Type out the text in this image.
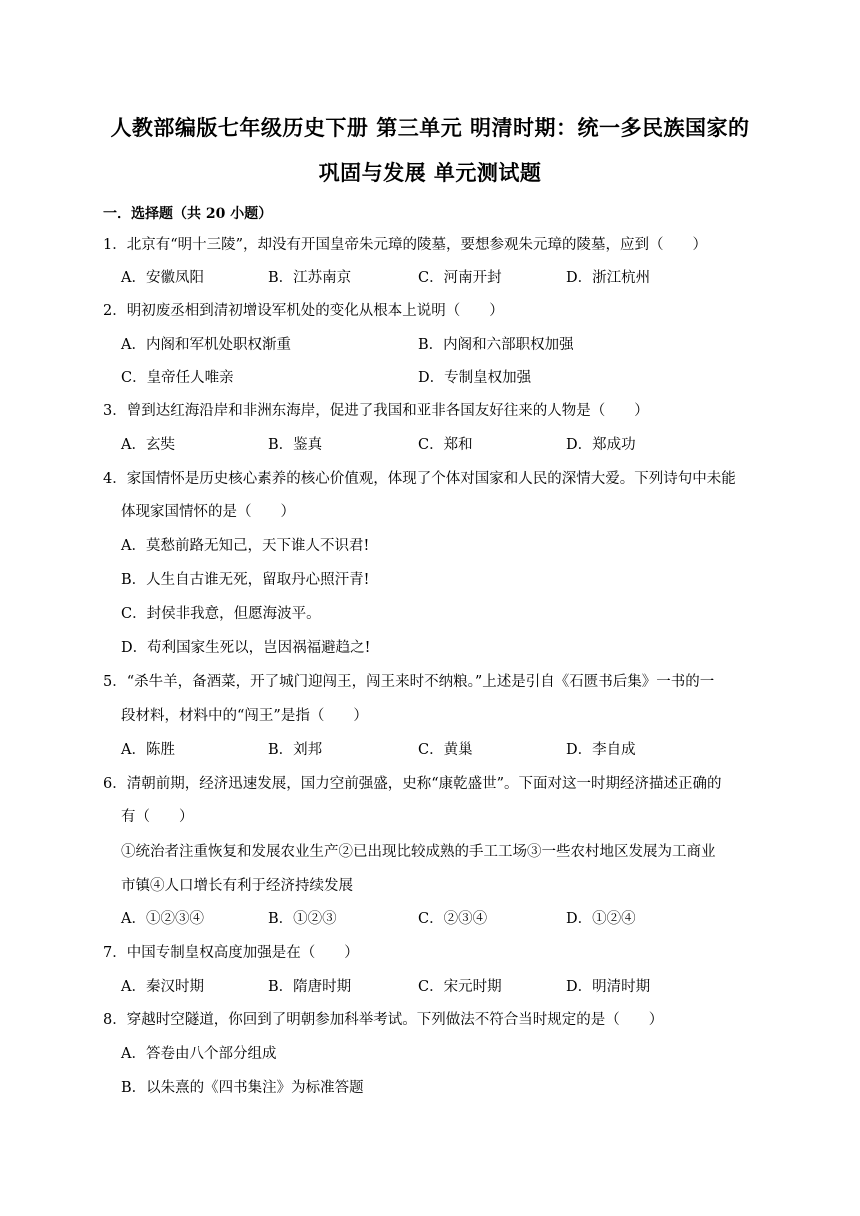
人教部编版七年级历史下册 第三单元 明清时期：统一多民族国家的
巩固与发展 单元测试题
一．选择题（共 20 小题）
1．北京有“明十三陵”，却没有开国皇帝朱元璋的陵墓，要想参观朱元璋的陵墓，应到（　　）
A．安徽凤阳	B．江苏南京	C．河南开封	D．浙江杭州
2．明初废丞相到清初增设军机处的变化从根本上说明（　　）
A．内阁和军机处职权渐重	B．内阁和六部职权加强
C．皇帝任人唯亲	D．专制皇权加强
3．曾到达红海沿岸和非洲东海岸，促进了我国和亚非各国友好往来的人物是（　　）
A．玄奘	B．鉴真	C．郑和	D．郑成功
4．家国情怀是历史核心素养的核心价值观，体现了个体对国家和人民的深情大爱。下列诗句中未能
体现家国情怀的是（　　）
A．莫愁前路无知己，天下谁人不识君!
B．人生自古谁无死，留取丹心照汗青!
C．封侯非我意，但愿海波平。
D．苟利国家生死以，岂因祸福避趋之!
5．“杀牛羊，备酒菜，开了城门迎闯王，闯王来时不纳粮。”上述是引自《石匮书后集》一书的一
段材料，材料中的“闯王”是指（　　）
A．陈胜	B．刘邦	C．黄巢	D．李自成
6．清朝前期，经济迅速发展，国力空前强盛，史称“康乾盛世”。下面对这一时期经济描述正确的
有（　　）
①统治者注重恢复和发展农业生产②已出现比较成熟的手工工场③一些农村地区发展为工商业
市镇④人口增长有利于经济持续发展
A．①②③④	B．①②③	C．②③④	D．①②④
7．中国专制皇权高度加强是在（　　）
A．秦汉时期	B．隋唐时期	C．宋元时期	D．明清时期
8．穿越时空隧道，你回到了明朝参加科举考试。下列做法不符合当时规定的是（　　）
A．答卷由八个部分组成
B．以朱熹的《四书集注》为标准答题
